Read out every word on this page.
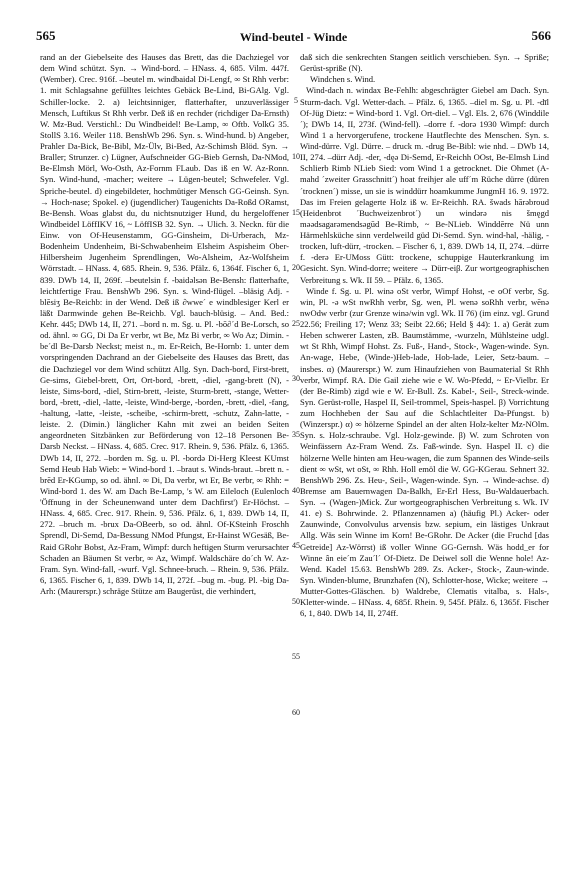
565	Wind-beutel - Winde	566

rand an der Giebelseite des Hauses das Brett, das die Dachziegel vor dem Wind schützt. Syn. → Wind-bord. – HNass. 4, 685. Vilm. 447f. (Wember). Crec. 916f. –beutel m. windbaidəl Di-Lengf, ∞ St Rhh verbr: 1. mit Schlagsahne gefülltes leichtes Gebäck Be-Lind, Bi-GAlg. Vgl. Schiller-locke. 2. a) leichtsinniger, flatterhafter, unzuverlässiger Mensch, Luftikus St Rhh verbr. Deß iß en rechder (richdiger Da-Ernsth) W. Mz-Bud. Verstichl.: Du Windbeidel! Be-Lamp, ∞ Oftb. VolkG 35. StollS 3.16. Weiler 118. BenshWb 296. Syn. s. Wind-hund. b) Angeber, Prahler Da-Bick, Be-Bibl, Mz-Ülv, Bi-Bed, Az-Schimsh Blöd. Syn. → Braller; Strunzer. c) Lügner, Aufschneider GG-Bieb Gernsh, Da-NMod, Be-Elmsh Mörl, Wo-Osth, Az-Fornm FLaub. Das iß en W. Az-Ronn. Syn. Wind-hund, -macher; weitere → Lügen-beutel; Schwefeler. Vgl. Spriche-beutel. d) eingebildeter, hochmütiger Mensch GG-Geinsh. Syn. → Hoch-nase; Spokel. e) (jugendlicher) Taugenichts Da-Roßd ORamst, Be-Bensh. Woas glabst du, du nichtsnutziger Hund, du hergeloffener Windbeidel LöffIKV 16, ~ LöffISB 32. Syn. → Ulich. 3. Neckn. für die Einw. von Of-Heusenstamm, GG-Ginsheim, Di-Urberach, Mz-Bodenheim Undenheim, Bi-Schwabenheim Elsheim Aspisheim Ober-Hilbersheim Jugenheim Sprendlingen, Wo-Alsheim, Az-Wolfsheim Wörrstadt. – HNass. 4, 685. Rhein. 9, 536. Pfälz. 6, 1364f. Fischer 6, 1, 839. DWb 14, II, 269f. –beutelsin f. -baidəlsən Be-Bensh: flatterhafte, leichtfertige Frau. BenshWb 296. Syn. s. Wind-flügel. –bläsig Adj. -blēsiʒ Be-Reichb: in der Wend. Deß iß ∂wwe´ e windblesiger Kerl er läßt Darmwinde gehen Be-Reichb. Vgl. bauch-blüsig. – And. Bed.: Kehr. 445; DWb 14, II, 271. –bord n. m. Sg. u. Pl. -bō∂´d Be-Lorsch, so od. ähnl. ∞ GG, Di Da Er verbr, wt Be, Mz Bi verbr, ∞ Wo Az; Dimin. -be´dl Be-Darsb Neckst; meist n., m. Er-Reich, Be-Hornb: 1. unter dem vorspringenden Dachrand an der Giebelseite des Hauses das Brett, das die Dachziegel vor dem Wind schützt Allg. Syn. Dach-bord, First-brett, Ge-sims, Giebel-brett, Ort, Ort-bord, -brett, -diel, -gang-brett (N), -leiste, Sims-bord, -diel, Stirn-brett, -leiste, Sturm-brett, -stange, Wetter-bord, -brett, -diel, -latte, -leiste, Wind-berge, -borden, -brett, -diel, -fang, -haltung, -latte, -leiste, -scheibe, -schirm-brett, -schutz, Zahn-latte, -leiste. 2. (Dimin.) länglicher Kahn mit zwei an beiden Seiten angeordneten Sitzbänken zur Beförderung von 12–18 Personen Be-Darsb Neckst. – HNass. 4, 685. Crec. 917. Rhein. 9, 536. Pfälz. 6, 1365. DWb 14, II, 272. –borden m. Sg. u. Pl. -bordə Di-Herg Kleest KUmst Semd Heub Hab Wieb: = Wind-bord 1. –braut s. Winds-braut. –brett n. -brēd Er-KGump, so od. ähnl. ∞ Di, Da verbr, wt Er, Be verbr, ∞ Rhh: = Wind-bord 1. des W. am Dach Be-Lamp, 's W. am Eileloch (Eulenloch 'Öffnung in der Scheunenwand unter dem Dachfirst') Er-Höchst. – HNass. 4, 685. Crec. 917. Rhein. 9, 536. Pfälz. 6, 1, 839. DWb 14, II, 272. –bruch m. -brux Da-OBeerb, so od. ähnl. Of-KSteinh Froschh Sprendl, Di-Semd, Da-Bessung NMod Pfungst, Er-Hainst WGesäß, Be-Raid GRohr Bobst, Az-Fram, Wimpf: durch heftigen Sturm verursachter Schaden an Bäumen St verbr, ∞ Az, Wimpf. Waldschäre do´ch W. Az-Fram. Syn. Wind-fall, -wurf. Vgl. Schnee-bruch. – Rhein. 9, 536. Pfälz. 6, 1365. Fischer 6, 1, 839. DWb 14, II, 272f. –bug m. -bug. Pl. -big Da-Arh: (Maurerspr.) schräge Stütze am Baugerüst, die verhindert,

5
10
15
20
25
30
35
40
45
50
55
60

daß sich die senkrechten Stangen seitlich verschieben. Syn. → Spriße; Gerüst-spriße (N).

Windchen s. Wind.

Wind-dach n. windax Be-Fehlh: abgeschrägter Giebel am Dach. Syn. Sturm-dach. Vgl. Wetter-dach. – Pfälz. 6, 1365. –diel m. Sg. u. Pl. -dīl Of-Jüg Dietz: = Wind-bord 1. Vgl. Ort-diel. – Vgl. Els. 2, 676 (Winddile´); DWb 14, II, 273f. (Wind-fell). –dorre f. -dorə 1930 Wimpf: durch Wind 1 a hervorgerufene, trockene Hautflechte des Menschen. Syn. s. Wind-dürre. Vgl. Dürre. – druck m. -drug Be-Bibl: wie nhd. – DWb 14, II, 274. –dürr Adj. -der, -dęə Di-Semd, Er-Reichh OOst, Be-Elmsh Lind Schlierb Rimb NLieb Sied: vom Wind 1 a getrocknet. Die Ohmet (A-mahd ´zweiter Grasschnitt´) hoat freihjer ale uff´m Rüche dürre (düren ´trocknen´) misse, un sie is winddürr hoamkumme JungmH 16. 9. 1972. Das im Freien gelagerte Holz iß w. Er-Reichh. RA. šwads hārəbroud (Heidenbrot ´Buchweizenbrot´) un windərə nis šmęgd məədsagarəmendsəgūd Be-Rimb, ~ Be-NLieb. Winddērre Nü unn Härmehlsküche sinn verdelweild güd Di-Semd. Syn. wind-hal, -hälig, -trocken, luft-dürr, -trocken. – Fischer 6, 1, 839. DWb 14, II, 274. –dürre f. -derə Er-UMoss Gütt: trockene, schuppige Hauterkrankung im Gesicht. Syn. Wind-dorre; weitere → Dürr-eiβ. Zur wortgeographischen Verbreitung s. Wk. II 59. – Pfälz. 6, 1365.

Winde f. Sg. u. Pl. winə oSt verbr, Wimpf Hohst, -e oOf verbr, Sg. win, Pl. -ə wSt nwRhh verbr, Sg. wen, Pl. wenə soRhh verbr, wēnə nwOdw verbr (zur Grenze winə/win vgl. Wk. II 76) (im einz. vgl. Grund 22.56; Freiling 17; Wenz 33; Seibt 22.66; Held § 44): 1. a) Gerät zum Heben schwerer Lasten, zB. Baumstämme, -wurzeln, Mühlsteine udgl. wt St Rhh, Wimpf Hohst. Zs. Fuß-, Hand-, Stock-, Wagen-winde. Syn. An-wage, Hebe, (Winde-)Heb-lade, Hob-lade, Leier, Setz-baum. – insbes. α) (Maurerspr.) W. zum Hinaufziehen von Baumaterial St Rhh verbr, Wimpf. RA. Die Gail ziehe wie e W. Wo-Pfedd, ~ Er-Vielbr. Er (der Be-Rimb) zigd wie e W. Er-Bull. Zs. Kabel-, Seil-, Streck-winde. Syn. Gerüst-rolle, Haspel II, Seil-trommel, Spеis-haspel. β) Vorrichtung zum Hochheben der Sau auf die Schlachtleiter Da-Pfungst. b) (Winzerspr.) α) ∞ hölzerne Spindel an der alten Holz-kelter Mz-NOlm. Syn. s. Holz-schraube. Vgl. Holz-gewinde. β) W. zum Schroten von Weinfässern Az-Fram Wend. Zs. Faß-winde. Syn. Haspel II. c) die hölzerne Welle hinten am Heu-wagen, die zum Spannen des Winde-seils dient ∞ wSt, wt oSt, ∞ Rhh. Holl emöl die W. GG-KGerau. Sehnert 32. BenshWb 296. Zs. Heu-, Seil-, Wagen-winde. Syn. → Winde-achse. d) Bremse am Bauernwagen Da-Balkh, Er-Erl Hess, Bu-Waldauerbach. Syn. → (Wagen-)Mick. Zur wortgeographischen Verbreitung s. Wk. IV 41. e) S. Bohrwinde. 2. Pflanzennamen a) (häufig Pl.) Acker- oder Zaunwinde, Convolvulus arvensis bzw. sepium, ein lästiges Unkraut Allg. Wäs sein Winne im Korn! Be-GRohr. De Acker (die Fruchd [das Getreide] Az-Wörrst) iß voller Winne GG-Gernsh. Wäs hodd_er for Winne ân eie´m Zau´l´ Of-Dietz. De Deiwel soll die Wenne hole! Az-Wend. Kadel 15.63. BenshWb 289. Zs. Acker-, Stock-, Zaun-winde. Syn. Winden-blume, Brunzhafen (N), Schlotter-hose, Wicke; weitere → Mutter-Gottes-Gläschen. b) Waldrebe, Clematis vitalba, s. Hals-, Kletter-winde. – HNass. 4, 685f. Rhein. 9, 545f. Pfälz. 6, 1365f. Fischer 6, 1, 840. DWb 14, II, 274ff.
